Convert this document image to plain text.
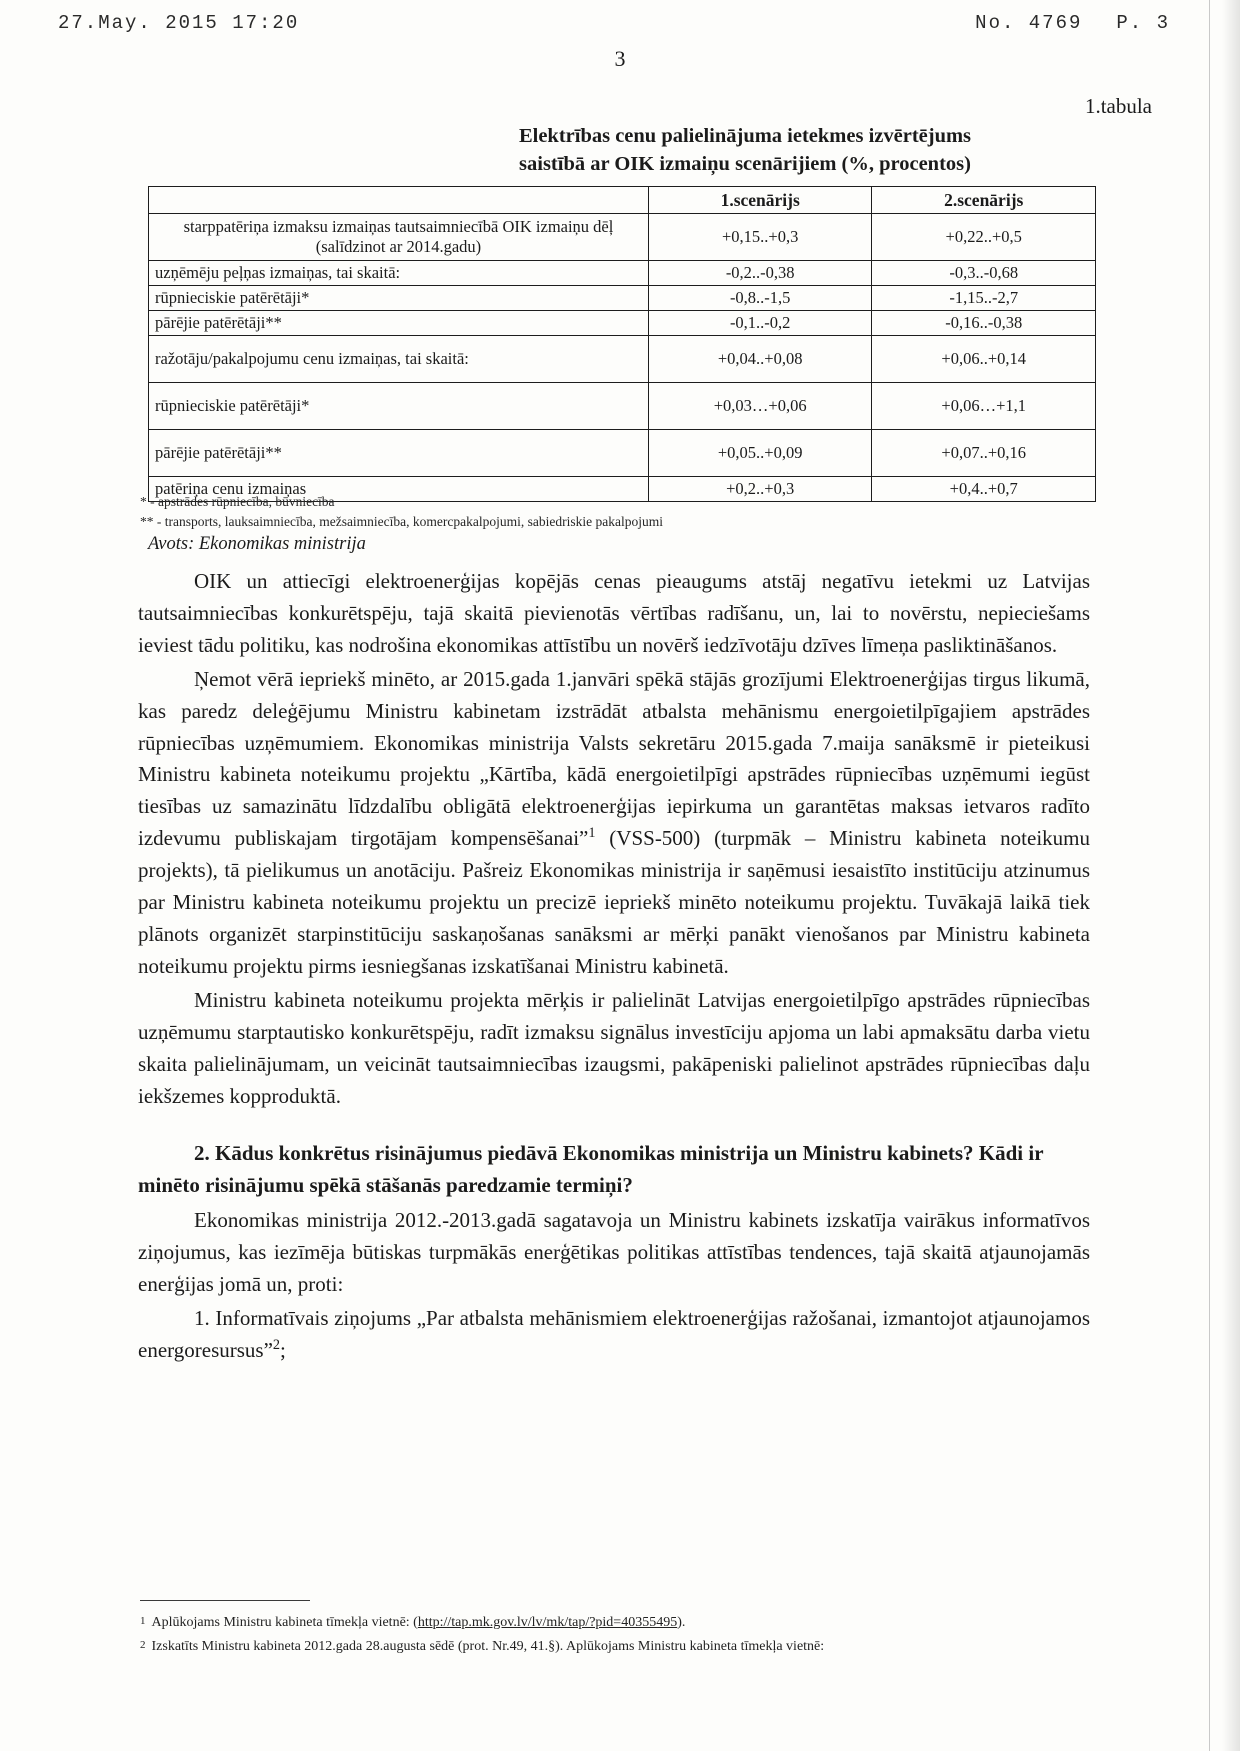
27.May. 2015 17:20	No. 4769 P. 3
3
1.tabula
Elektrības cenu palielinājuma ietekmes izvērtējums
saistībā ar OIK izmaiņu scenārijiem (%, procentos)
	1.scenārijs	2.scenārijs
starppatēriņa izmaksu izmaiņas tautsaimniecībā OIK izmaiņu dēļ (salīdzinot ar 2014.gadu)	+0,15..+0,3	+0,22..+0,5
uzņēmēju peļņas izmaiņas, tai skaitā:	-0,2..-0,38	-0,3..-0,68
rūpnieciskie patērētāji*	-0,8..-1,5	-1,15..-2,7
pārējie patērētāji**	-0,1..-0,2	-0,16..-0,38
ražotāju/pakalpojumu cenu izmaiņas, tai skaitā:	+0,04..+0,08	+0,06..+0,14
rūpnieciskie patērētāji*	+0,03…+0,06	+0,06…+1,1
pārējie patērētāji**	+0,05..+0,09	+0,07..+0,16
patēriņa cenu izmaiņas	+0,2..+0,3	+0,4..+0,7
* - apstrādes rūpniecība, būvniecība
** - transports, lauksaimniecība, mežsaimniecība, komercpakalpojumi, sabiedriskie pakalpojumi
Avots: Ekonomikas ministrija

OIK un attiecīgi elektroenerģijas kopējās cenas pieaugums atstāj negatīvu ietekmi uz Latvijas tautsaimniecības konkurētspēju, tajā skaitā pievienotās vērtības radīšanu, un, lai to novērstu, nepieciešams ieviest tādu politiku, kas nodrošina ekonomikas attīstību un novērš iedzīvotāju dzīves līmeņa pasliktināšanos.

Ņemot vērā iepriekš minēto, ar 2015.gada 1.janvāri spēkā stājās grozījumi Elektroenerģijas tirgus likumā, kas paredz deleģējumu Ministru kabinetam izstrādāt atbalsta mehānismu energoietilpīgajiem apstrādes rūpniecības uzņēmumiem. Ekonomikas ministrija Valsts sekretāru 2015.gada 7.maija sanāksmē ir pieteikusi Ministru kabineta noteikumu projektu „Kārtība, kādā energoietilpīgi apstrādes rūpniecības uzņēmumi iegūst tiesības uz samazinātu līdzdalību obligātā elektroenerģijas iepirkuma un garantētas maksas ietvaros radīto izdevumu publiskajam tirgotājam kompensēšanai”$^1$ (VSS-500) (turpmāk – Ministru kabineta noteikumu projekts), tā pielikumus un anotāciju. Pašreiz Ekonomikas ministrija ir saņēmusi iesaistīto institūciju atzinumus par Ministru kabineta noteikumu projektu un precizē iepriekš minēto noteikumu projektu. Tuvākajā laikā tiek plānots organizēt starpinstitūciju saskaņošanas sanāksmi ar mērķi panākt vienošanos par Ministru kabineta noteikumu projektu pirms iesniegšanas izskatīšanai Ministru kabinetā.

Ministru kabineta noteikumu projekta mērķis ir palielināt Latvijas energoietilpīgo apstrādes rūpniecības uzņēmumu starptautisko konkurētspēju, radīt izmaksu signālus investīciju apjoma un labi apmaksātu darba vietu skaita palielinājumam, un veicināt tautsaimniecības izaugsmi, pakāpeniski palielinot apstrādes rūpniecības daļu iekšzemes kopproduktā.

2. Kādus konkrētus risinājumus piedāvā Ekonomikas ministrija un Ministru kabinets? Kādi ir minēto risinājumu spēkā stāšanās paredzamie termiņi?

Ekonomikas ministrija 2012.-2013.gadā sagatavoja un Ministru kabinets izskatīja vairākus informatīvos ziņojumus, kas iezīmēja būtiskas turpmākās enerģētikas politikas attīstības tendences, tajā skaitā atjaunojamās enerģijas jomā un, proti:

1. Informatīvais ziņojums „Par atbalsta mehānismiem elektroenerģijas ražošanai, izmantojot atjaunojamos energoresursus”$^2$;

1 Aplūkojams Ministru kabineta tīmekļa vietnē: (http://tap.mk.gov.lv/lv/mk/tap/?pid=40355495).
2 Izskatīts Ministru kabineta 2012.gada 28.augusta sēdē (prot. Nr.49, 41.§). Aplūkojams Ministru kabineta tīmekļa vietnē:
